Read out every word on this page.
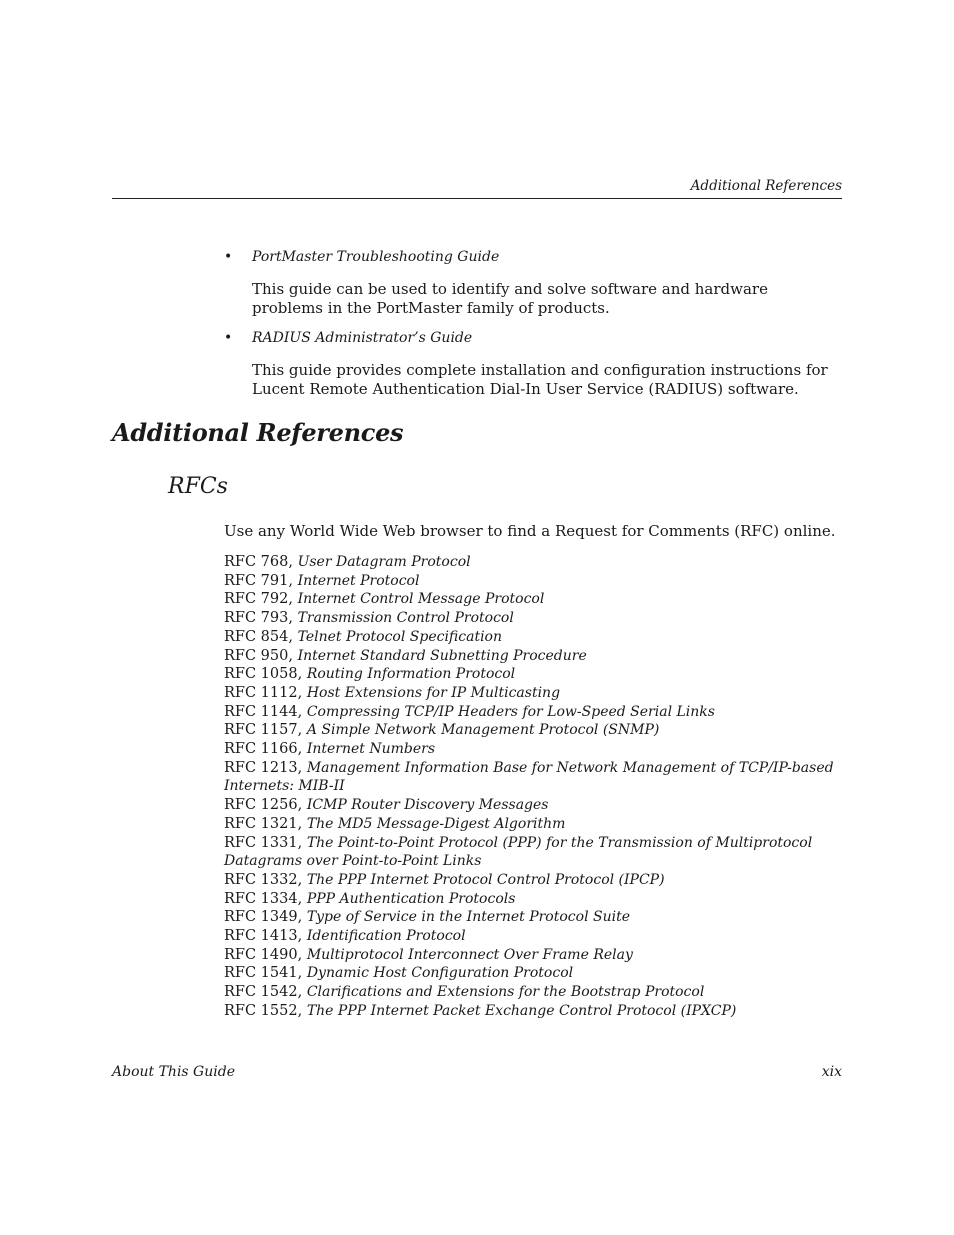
Additional References
• PortMaster Troubleshooting Guide
This guide can be used to identify and solve software and hardware problems in the PortMaster family of products.
• RADIUS Administrator’s Guide
This guide provides complete installation and configuration instructions for Lucent Remote Authentication Dial-In User Service (RADIUS) software.
Additional References
RFCs
Use any World Wide Web browser to find a Request for Comments (RFC) online.
RFC 768, User Datagram Protocol
RFC 791, Internet Protocol
RFC 792, Internet Control Message Protocol
RFC 793, Transmission Control Protocol
RFC 854, Telnet Protocol Specification
RFC 950, Internet Standard Subnetting Procedure
RFC 1058, Routing Information Protocol
RFC 1112, Host Extensions for IP Multicasting
RFC 1144, Compressing TCP/IP Headers for Low-Speed Serial Links
RFC 1157, A Simple Network Management Protocol (SNMP)
RFC 1166, Internet Numbers
RFC 1213, Management Information Base for Network Management of TCP/IP-based Internets: MIB-II
RFC 1256, ICMP Router Discovery Messages
RFC 1321, The MD5 Message-Digest Algorithm
RFC 1331, The Point-to-Point Protocol (PPP) for the Transmission of Multiprotocol Datagrams over Point-to-Point Links
RFC 1332, The PPP Internet Protocol Control Protocol (IPCP)
RFC 1334, PPP Authentication Protocols
RFC 1349, Type of Service in the Internet Protocol Suite
RFC 1413, Identification Protocol
RFC 1490, Multiprotocol Interconnect Over Frame Relay
RFC 1541, Dynamic Host Configuration Protocol
RFC 1542, Clarifications and Extensions for the Bootstrap Protocol
RFC 1552, The PPP Internet Packet Exchange Control Protocol (IPXCP)
About This Guide	xix
